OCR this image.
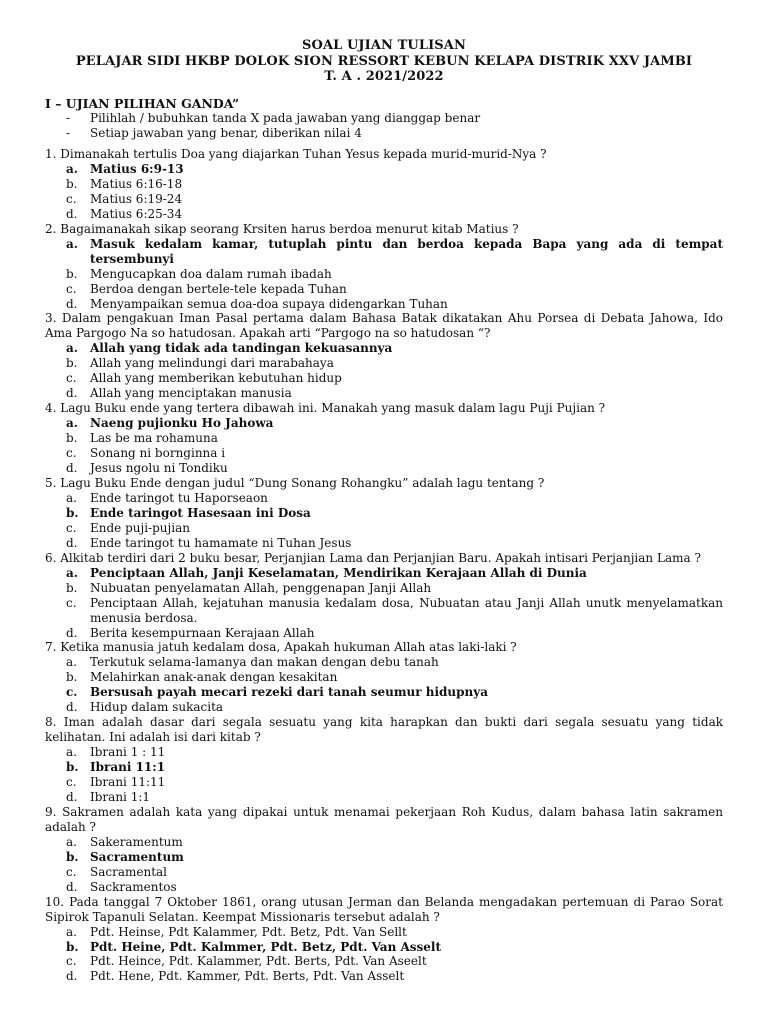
SOAL UJIAN TULISAN
PELAJAR SIDI HKBP DOLOK SION RESSORT KEBUN KELAPA DISTRIK XXV JAMBI
T. A . 2021/2022
I – UJIAN PILIHAN GANDA”
- Pilihlah / bubuhkan tanda X pada jawaban yang dianggap benar
- Setiap jawaban yang benar, diberikan nilai 4
1. Dimanakah tertulis Doa yang diajarkan Tuhan Yesus kepada murid-murid-Nya ?
a.	Matius 6:9-13
b.	Matius 6:16-18
c.	Matius 6:19-24
d.	Matius 6:25-34
2. Bagaimanakah sikap seorang Krsiten harus berdoa menurut kitab Matius ?
a.	Masuk kedalam kamar, tutuplah pintu dan berdoa kepada Bapa yang ada di tempat tersembunyi
b.	Mengucapkan doa dalam rumah ibadah
c.	Berdoa dengan bertele-tele kepada Tuhan
d.	Menyampaikan semua doa-doa supaya didengarkan Tuhan
3. Dalam pengakuan Iman Pasal pertama dalam Bahasa Batak dikatakan Ahu Porsea di Debata Jahowa, Ido Ama Pargogo Na so hatudosan. Apakah arti “Pargogo na so hatudosan “?
a.	Allah yang tidak ada tandingan kekuasannya
b.	Allah yang melindungi dari marabahaya
c.	Allah yang memberikan kebutuhan hidup
d.	Allah yang menciptakan manusia
4. Lagu Buku ende yang tertera dibawah ini. Manakah yang masuk dalam lagu Puji Pujian ?
a.	Naeng pujionku Ho Jahowa
b.	Las be ma rohamuna
c.	Sonang ni bornginna i
d.	Jesus ngolu ni Tondiku
5. Lagu Buku Ende dengan judul “Dung Sonang Rohangku” adalah lagu tentang ?
a.	Ende taringot tu Haporseaon
b. Ende taringot Hasesaan ini Dosa
c.	Ende puji-pujian
d.	Ende taringot tu hamamate ni Tuhan Jesus
6. Alkitab terdiri dari 2 buku besar, Perjanjian Lama dan Perjanjian Baru. Apakah intisari Perjanjian Lama ?
a.	Penciptaan Allah, Janji Keselamatan, Mendirikan Kerajaan Allah di Dunia
b.	Nubuatan penyelamatan Allah, penggenapan Janji Allah
c.	Penciptaan Allah, kejatuhan manusia kedalam dosa, Nubuatan atau Janji Allah unutk menyelamatkan menusia berdosa.
d.	Berita kesempurnaan Kerajaan Allah
7. Ketika manusia jatuh kedalam dosa, Apakah hukuman Allah atas laki-laki ?
a.	Terkutuk selama-lamanya dan makan dengan debu tanah
b.	Melahirkan anak-anak dengan kesakitan
c.	Bersusah payah mecari rezeki dari tanah seumur hidupnya
d.	Hidup dalam sukacita
8. Iman adalah dasar dari segala sesuatu yang kita harapkan dan bukti dari segala sesuatu yang tidak kelihatan. Ini adalah isi dari kitab ?
a.	Ibrani 1 : 11
b. Ibrani 11:1
c.	Ibrani 11:11
d.	Ibrani 1:1
9. Sakramen adalah kata yang dipakai untuk menamai pekerjaan Roh Kudus, dalam bahasa latin sakramen adalah ?
a.	Sakeramentum
b. Sacramentum
c.	Sacramental
d.	Sackramentos
10. Pada tanggal 7 Oktober 1861, orang utusan Jerman dan Belanda mengadakan pertemuan di Parao Sorat Sipirok Tapanuli Selatan. Keempat Missionaris tersebut adalah ?
a.	Pdt. Heinse, Pdt Kalammer, Pdt. Betz, Pdt. Van Sellt
b. Pdt. Heine, Pdt. Kalmmer, Pdt. Betz, Pdt. Van Asselt
c.	Pdt. Heince, Pdt. Kalammer, Pdt. Berts, Pdt. Van Aseelt
d.	Pdt. Hene, Pdt. Kammer, Pdt. Berts, Pdt. Van Asselt
